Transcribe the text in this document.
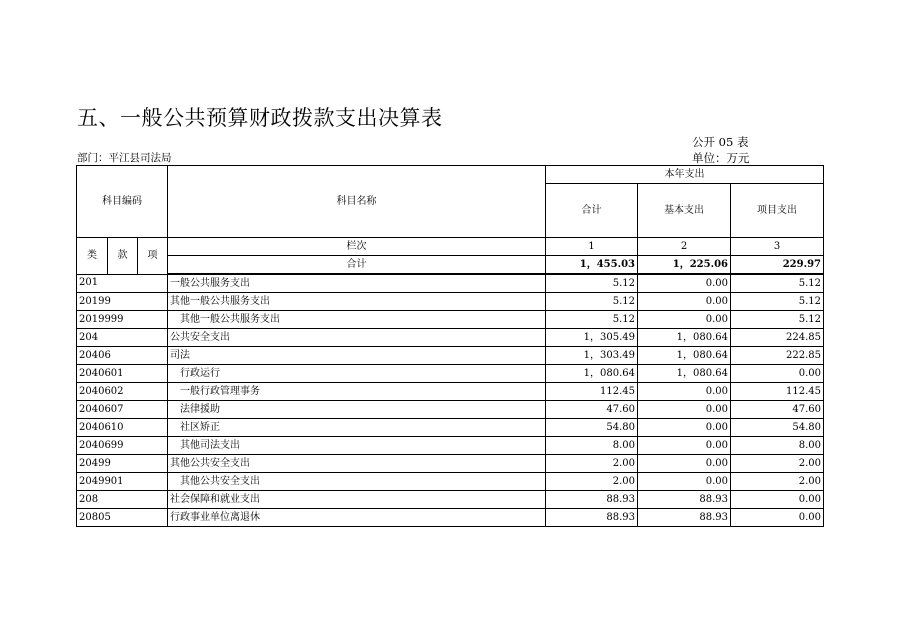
五、一般公共预算财政拨款支出决算表
公开 05 表
部门：平江县司法局	单位：万元
科目编码			科目名称	本年支出		
				合计	基本支出	项目支出
类	款	项	栏次	1	2	3
			合计	1，455.03	1，225.06	229.97
201			一般公共服务支出	5.12	0.00	5.12
20199			其他一般公共服务支出	5.12	0.00	5.12
2019999			其他一般公共服务支出	5.12	0.00	5.12
204			公共安全支出	1，305.49	1，080.64	224.85
20406			司法	1，303.49	1，080.64	222.85
2040601			行政运行	1，080.64	1，080.64	0.00
2040602			一般行政管理事务	112.45	0.00	112.45
2040607			法律援助	47.60	0.00	47.60
2040610			社区矫正	54.80	0.00	54.80
2040699			其他司法支出	8.00	0.00	8.00
20499			其他公共安全支出	2.00	0.00	2.00
2049901			其他公共安全支出	2.00	0.00	2.00
208			社会保障和就业支出	88.93	88.93	0.00
20805			行政事业单位离退休	88.93	88.93	0.00
